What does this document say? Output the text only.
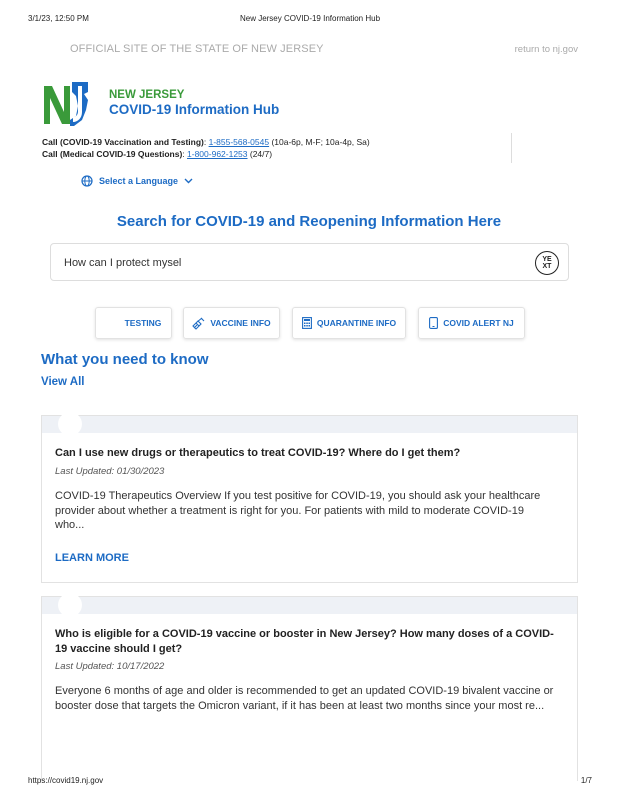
3/1/23, 12:50 PM	New Jersey COVID-19 Information Hub
OFFICIAL SITE OF THE STATE OF NEW JERSEY	return to nj.gov
NEW JERSEY
COVID-19 Information Hub
Call (COVID-19 Vaccination and Testing): 1-855-568-0545 (10a-6p, M-F; 10a-4p, Sa)
Call (Medical COVID-19 Questions): 1-800-962-1253 (24/7)
Select a Language
Search for COVID-19 and Reopening Information Here
How can I protect mysel	YE
XT
TESTING	VACCINE INFO	QUARANTINE INFO	COVID ALERT NJ
What you need to know
View All
Can I use new drugs or therapeutics to treat COVID-19? Where do I get them?
Last Updated: 01/30/2023
COVID-19 Therapeutics Overview If you test positive for COVID-19, you should ask your healthcare provider about whether a treatment is right for you. For patients with mild to moderate COVID-19 who...
LEARN MORE
Who is eligible for a COVID-19 vaccine or booster in New Jersey? How many doses of a COVID-19 vaccine should I get?
Last Updated: 10/17/2022
Everyone 6 months of age and older is recommended to get an updated COVID-19 bivalent vaccine or booster dose that targets the Omicron variant, if it has been at least two months since your most re...
https://covid19.nj.gov	1/7
